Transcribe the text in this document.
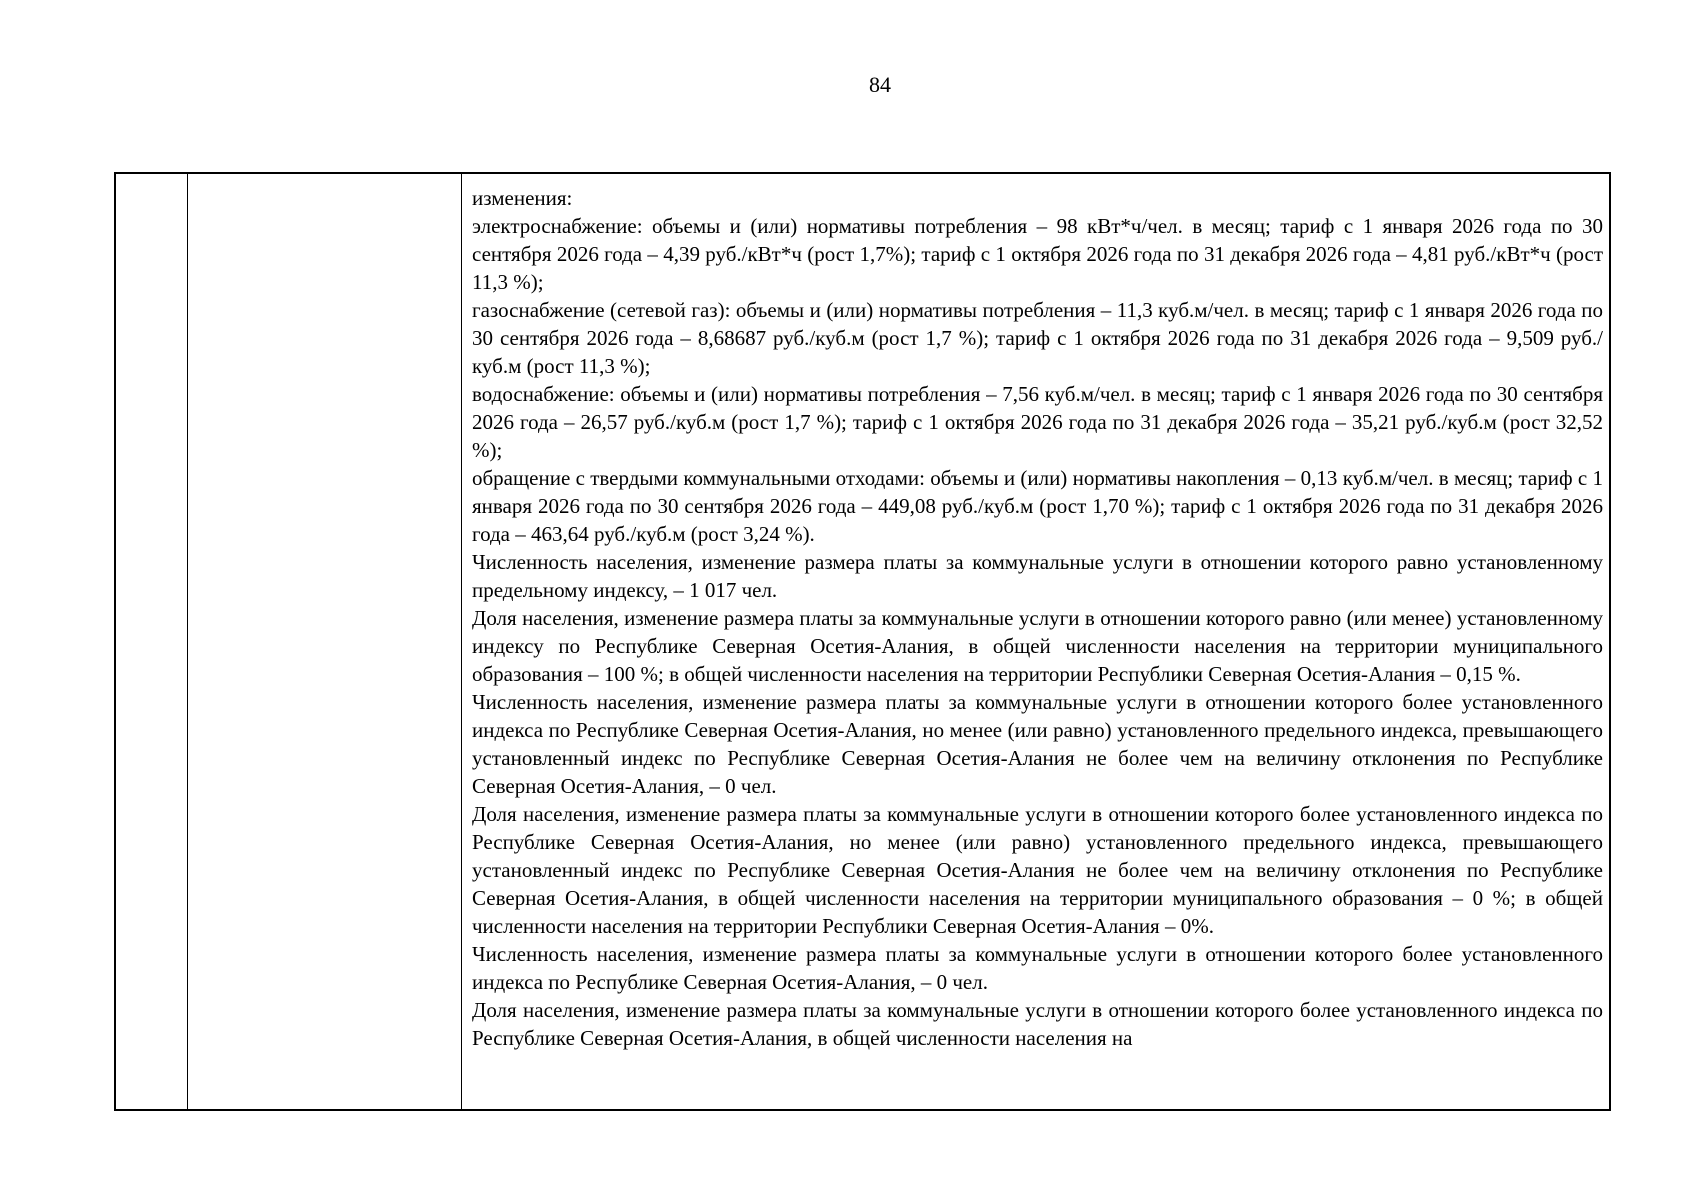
84

изменения:

электроснабжение: объемы и (или) нормативы потребления – 98 кВт*ч/чел. в месяц; тариф с 1 января 2026 года по 30 сентября 2026 года – 4,39 руб./кВт*ч (рост 1,7%); тариф с 1 октября 2026 года по 31 декабря 2026 года – 4,81 руб./кВт*ч (рост 11,3 %);

газоснабжение (сетевой газ): объемы и (или) нормативы потребления – 11,3 куб.м/чел. в месяц; тариф с 1 января 2026 года по 30 сентября 2026 года – 8,68687 руб./куб.м (рост 1,7 %); тариф с 1 октября 2026 года по 31 декабря 2026 года – 9,509 руб./куб.м (рост 11,3 %);

водоснабжение: объемы и (или) нормативы потребления – 7,56 куб.м/чел. в месяц; тариф с 1 января 2026 года по 30 сентября 2026 года – 26,57 руб./куб.м (рост 1,7 %); тариф с 1 октября 2026 года по 31 декабря 2026 года – 35,21 руб./куб.м (рост 32,52 %);

обращение с твердыми коммунальными отходами: объемы и (или) нормативы накопления – 0,13 куб.м/чел. в месяц; тариф с 1 января 2026 года по 30 сентября 2026 года – 449,08 руб./куб.м (рост 1,70 %); тариф с 1 октября 2026 года по 31 декабря 2026 года – 463,64 руб./куб.м (рост 3,24 %).

Численность населения, изменение размера платы за коммунальные услуги в отношении которого равно установленному предельному индексу, – 1 017 чел.

Доля населения, изменение размера платы за коммунальные услуги в отношении которого равно (или менее) установленному индексу по Республике Северная Осетия-Алания, в общей численности населения на территории муниципального образования – 100 %; в общей численности населения на территории Республики Северная Осетия-Алания – 0,15 %.

Численность населения, изменение размера платы за коммунальные услуги в отношении которого более установленного индекса по Республике Северная Осетия-Алания, но менее (или равно) установленного предельного индекса, превышающего установленный индекс по Республике Северная Осетия-Алания не более чем на величину отклонения по Республике Северная Осетия-Алания, – 0 чел.

Доля населения, изменение размера платы за коммунальные услуги в отношении которого более установленного индекса по Республике Северная Осетия-Алания, но менее (или равно) установленного предельного индекса, превышающего установленный индекс по Республике Северная Осетия-Алания не более чем на величину отклонения по Республике Северная Осетия-Алания, в общей численности населения на территории муниципального образования – 0 %; в общей численности населения на территории Республики Северная Осетия-Алания – 0%.

Численность населения, изменение размера платы за коммунальные услуги в отношении которого более установленного индекса по Республике Северная Осетия-Алания, – 0 чел.

Доля населения, изменение размера платы за коммунальные услуги в отношении которого более установленного индекса по Республике Северная Осетия-Алания, в общей численности населения на
